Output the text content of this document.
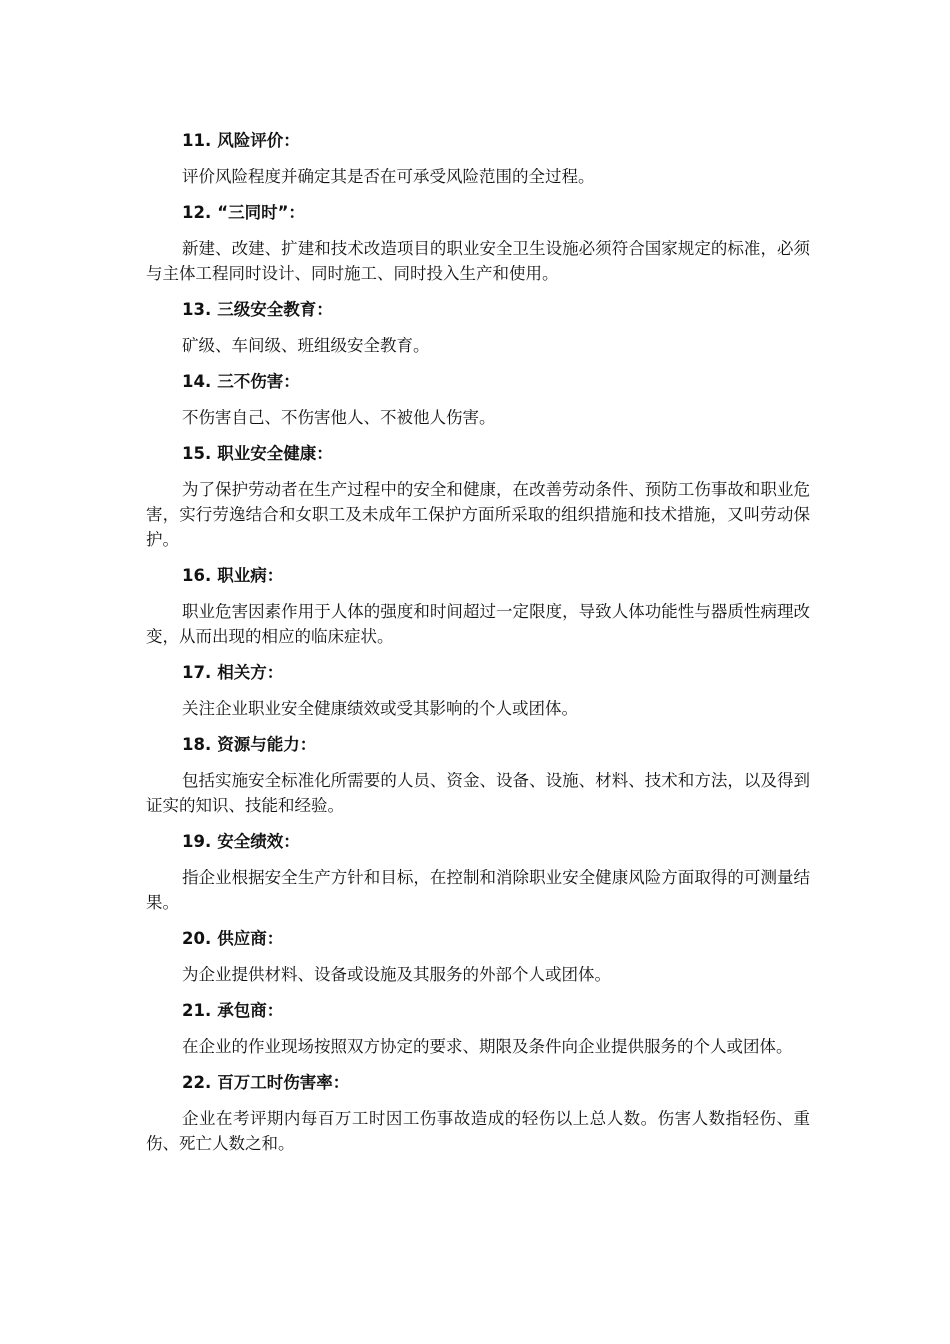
11. 风险评价：

评价风险程度并确定其是否在可承受风险范围的全过程。

12. “三同时”：

新建、改建、扩建和技术改造项目的职业安全卫生设施必须符合国家规定的标准，必须与主体工程同时设计、同时施工、同时投入生产和使用。

13. 三级安全教育：

矿级、车间级、班组级安全教育。

14. 三不伤害：

不伤害自己、不伤害他人、不被他人伤害。

15. 职业安全健康：

为了保护劳动者在生产过程中的安全和健康，在改善劳动条件、预防工伤事故和职业危害，实行劳逸结合和女职工及未成年工保护方面所采取的组织措施和技术措施，又叫劳动保护。

16. 职业病：

职业危害因素作用于人体的强度和时间超过一定限度，导致人体功能性与器质性病理改变，从而出现的相应的临床症状。

17. 相关方：

关注企业职业安全健康绩效或受其影响的个人或团体。

18. 资源与能力：

包括实施安全标准化所需要的人员、资金、设备、设施、材料、技术和方法，以及得到证实的知识、技能和经验。

19. 安全绩效：

指企业根据安全生产方针和目标，在控制和消除职业安全健康风险方面取得的可测量结果。

20. 供应商：

为企业提供材料、设备或设施及其服务的外部个人或团体。

21. 承包商：

在企业的作业现场按照双方协定的要求、期限及条件向企业提供服务的个人或团体。

22. 百万工时伤害率：

企业在考评期内每百万工时因工伤事故造成的轻伤以上总人数。伤害人数指轻伤、重伤、死亡人数之和。
